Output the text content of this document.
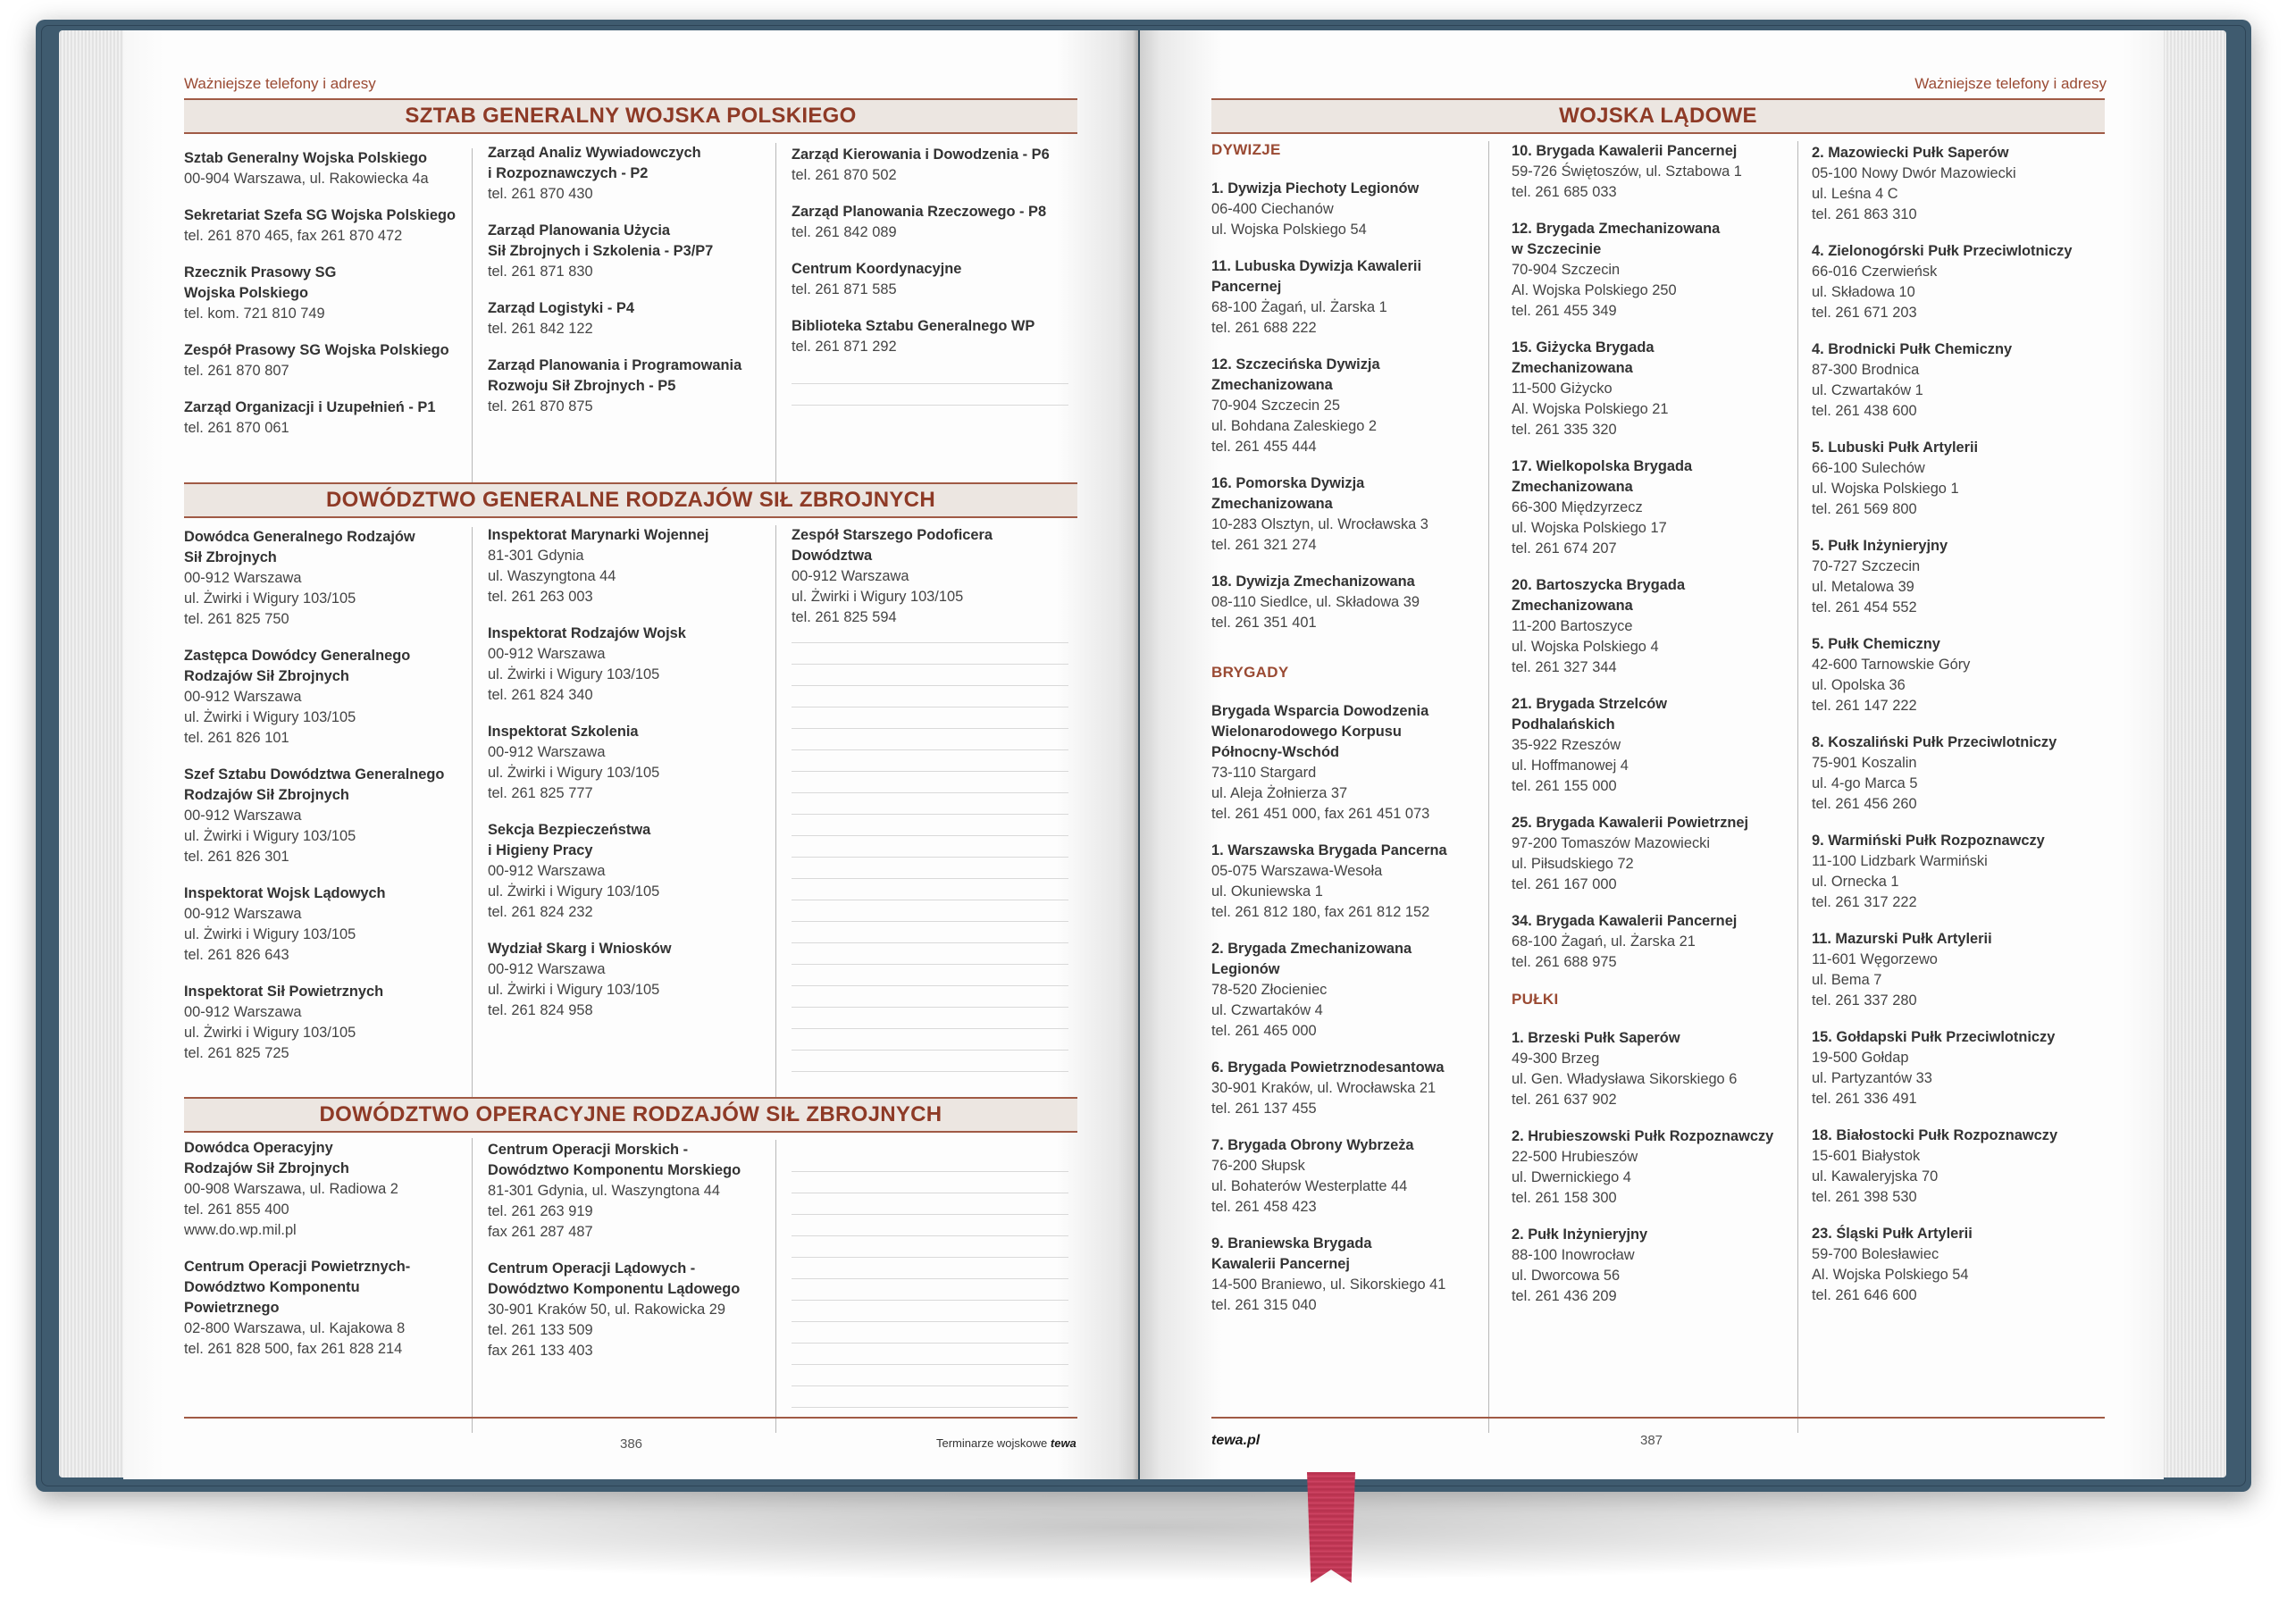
Ważniejsze telefony i adresy
SZTAB GENERALNY WOJSKA POLSKIEGO
Sztab Generalny Wojska Polskiego
00-904 Warszawa, ul. Rakowiecka 4a
Sekretariat Szefa SG Wojska Polskiego
tel. 261 870 465, fax 261 870 472
Rzecznik Prasowy SG
Wojska Polskiego
tel. kom. 721 810 749
Zespół Prasowy SG Wojska Polskiego
tel. 261 870 807
Zarząd Organizacji i Uzupełnień - P1
tel. 261 870 061
Zarząd Analiz Wywiadowczych
i Rozpoznawczych - P2
tel. 261 870 430
Zarząd Planowania Użycia
Sił Zbrojnych i Szkolenia - P3/P7
tel. 261 871 830
Zarząd Logistyki - P4
tel. 261 842 122
Zarząd Planowania i Programowania
Rozwoju Sił Zbrojnych - P5
tel. 261 870 875
Zarząd Kierowania i Dowodzenia - P6
tel. 261 870 502
Zarząd Planowania Rzeczowego - P8
tel. 261 842 089
Centrum Koordynacyjne
tel. 261 871 585
Biblioteka Sztabu Generalnego WP
tel. 261 871 292
DOWÓDZTWO GENERALNE RODZAJÓW SIŁ ZBROJNYCH
Dowódca Generalnego Rodzajów
Sił Zbrojnych
00-912 Warszawa
ul. Żwirki i Wigury 103/105
tel. 261 825 750
Zastępca Dowódcy Generalnego
Rodzajów Sił Zbrojnych
00-912 Warszawa
ul. Żwirki i Wigury 103/105
tel. 261 826 101
Szef Sztabu Dowództwa Generalnego
Rodzajów Sił Zbrojnych
00-912 Warszawa
ul. Żwirki i Wigury 103/105
tel. 261 826 301
Inspektorat Wojsk Lądowych
00-912 Warszawa
ul. Żwirki i Wigury 103/105
tel. 261 826 643
Inspektorat Sił Powietrznych
00-912 Warszawa
ul. Żwirki i Wigury 103/105
tel. 261 825 725
Inspektorat Marynarki Wojennej
81-301 Gdynia
ul. Waszyngtona 44
tel. 261 263 003
Inspektorat Rodzajów Wojsk
00-912 Warszawa
ul. Żwirki i Wigury 103/105
tel. 261 824 340
Inspektorat Szkolenia
00-912 Warszawa
ul. Żwirki i Wigury 103/105
tel. 261 825 777
Sekcja Bezpieczeństwa
i Higieny Pracy
00-912 Warszawa
ul. Żwirki i Wigury 103/105
tel. 261 824 232
Wydział Skarg i Wniosków
00-912 Warszawa
ul. Żwirki i Wigury 103/105
tel. 261 824 958
Zespół Starszego Podoficera
Dowództwa
00-912 Warszawa
ul. Żwirki i Wigury 103/105
tel. 261 825 594
DOWÓDZTWO OPERACYJNE RODZAJÓW SIŁ ZBROJNYCH
Dowódca Operacyjny
Rodzajów Sił Zbrojnych
00-908 Warszawa, ul. Radiowa 2
tel. 261 855 400
www.do.wp.mil.pl
Centrum Operacji Powietrznych-
Dowództwo Komponentu
Powietrznego
02-800 Warszawa, ul. Kajakowa 8
tel. 261 828 500, fax 261 828 214
Centrum Operacji Morskich -
Dowództwo Komponentu Morskiego
81-301 Gdynia, ul. Waszyngtona 44
tel. 261 263 919
fax 261 287 487
Centrum Operacji Lądowych -
Dowództwo Komponentu Lądowego
30-901 Kraków 50, ul. Rakowicka 29
tel. 261 133 509
fax 261 133 403
386	Terminarze wojskowe tewa
Ważniejsze telefony i adresy
WOJSKA LĄDOWE
DYWIZJE
1. Dywizja Piechoty Legionów
06-400 Ciechanów
ul. Wojska Polskiego 54
11. Lubuska Dywizja Kawalerii
Pancernej
68-100 Żagań, ul. Żarska 1
tel. 261 688 222
12. Szczecińska Dywizja
Zmechanizowana
70-904 Szczecin 25
ul. Bohdana Zaleskiego 2
tel. 261 455 444
16. Pomorska Dywizja
Zmechanizowana
10-283 Olsztyn, ul. Wrocławska 3
tel. 261 321 274
18. Dywizja Zmechanizowana
08-110 Siedlce, ul. Składowa 39
tel. 261 351 401
BRYGADY
Brygada Wsparcia Dowodzenia
Wielonarodowego Korpusu
Północny-Wschód
73-110 Stargard
ul. Aleja Żołnierza 37
tel. 261 451 000, fax 261 451 073
1. Warszawska Brygada Pancerna
05-075 Warszawa-Wesoła
ul. Okuniewska 1
tel. 261 812 180, fax 261 812 152
2. Brygada Zmechanizowana
Legionów
78-520 Złocieniec
ul. Czwartaków 4
tel. 261 465 000
6. Brygada Powietrznodesantowa
30-901 Kraków, ul. Wrocławska 21
tel. 261 137 455
7. Brygada Obrony Wybrzeża
76-200 Słupsk
ul. Bohaterów Westerplatte 44
tel. 261 458 423
9. Braniewska Brygada
Kawalerii Pancernej
14-500 Braniewo, ul. Sikorskiego 41
tel. 261 315 040
10. Brygada Kawalerii Pancernej
59-726 Świętoszów, ul. Sztabowa 1
tel. 261 685 033
12. Brygada Zmechanizowana
w Szczecinie
70-904 Szczecin
Al. Wojska Polskiego 250
tel. 261 455 349
15. Giżycka Brygada
Zmechanizowana
11-500 Giżycko
Al. Wojska Polskiego 21
tel. 261 335 320
17. Wielkopolska Brygada
Zmechanizowana
66-300 Międzyrzecz
ul. Wojska Polskiego 17
tel. 261 674 207
20. Bartoszycka Brygada
Zmechanizowana
11-200 Bartoszyce
ul. Wojska Polskiego 4
tel. 261 327 344
21. Brygada Strzelców
Podhalańskich
35-922 Rzeszów
ul. Hoffmanowej 4
tel. 261 155 000
25. Brygada Kawalerii Powietrznej
97-200 Tomaszów Mazowiecki
ul. Piłsudskiego 72
tel. 261 167 000
34. Brygada Kawalerii Pancernej
68-100 Żagań, ul. Żarska 21
tel. 261 688 975
PUŁKI
1. Brzeski Pułk Saperów
49-300 Brzeg
ul. Gen. Władysława Sikorskiego 6
tel. 261 637 902
2. Hrubieszowski Pułk Rozpoznawczy
22-500 Hrubieszów
ul. Dwernickiego 4
tel. 261 158 300
2. Pułk Inżynieryjny
88-100 Inowrocław
ul. Dworcowa 56
tel. 261 436 209
2. Mazowiecki Pułk Saperów
05-100 Nowy Dwór Mazowiecki
ul. Leśna 4 C
tel. 261 863 310
4. Zielonogórski Pułk Przeciwlotniczy
66-016 Czerwieńsk
ul. Składowa 10
tel. 261 671 203
4. Brodnicki Pułk Chemiczny
87-300 Brodnica
ul. Czwartaków 1
tel. 261 438 600
5. Lubuski Pułk Artylerii
66-100 Sulechów
ul. Wojska Polskiego 1
tel. 261 569 800
5. Pułk Inżynieryjny
70-727 Szczecin
ul. Metalowa 39
tel. 261 454 552
5. Pułk Chemiczny
42-600 Tarnowskie Góry
ul. Opolska 36
tel. 261 147 222
8. Koszaliński Pułk Przeciwlotniczy
75-901 Koszalin
ul. 4-go Marca 5
tel. 261 456 260
9. Warmiński Pułk Rozpoznawczy
11-100 Lidzbark Warmiński
ul. Ornecka 1
tel. 261 317 222
11. Mazurski Pułk Artylerii
11-601 Węgorzewo
ul. Bema 7
tel. 261 337 280
15. Gołdapski Pułk Przeciwlotniczy
19-500 Gołdap
ul. Partyzantów 33
tel. 261 336 491
18. Białostocki Pułk Rozpoznawczy
15-601 Białystok
ul. Kawaleryjska 70
tel. 261 398 530
23. Śląski Pułk Artylerii
59-700 Bolesławiec
Al. Wojska Polskiego 54
tel. 261 646 600
tewa.pl	387
